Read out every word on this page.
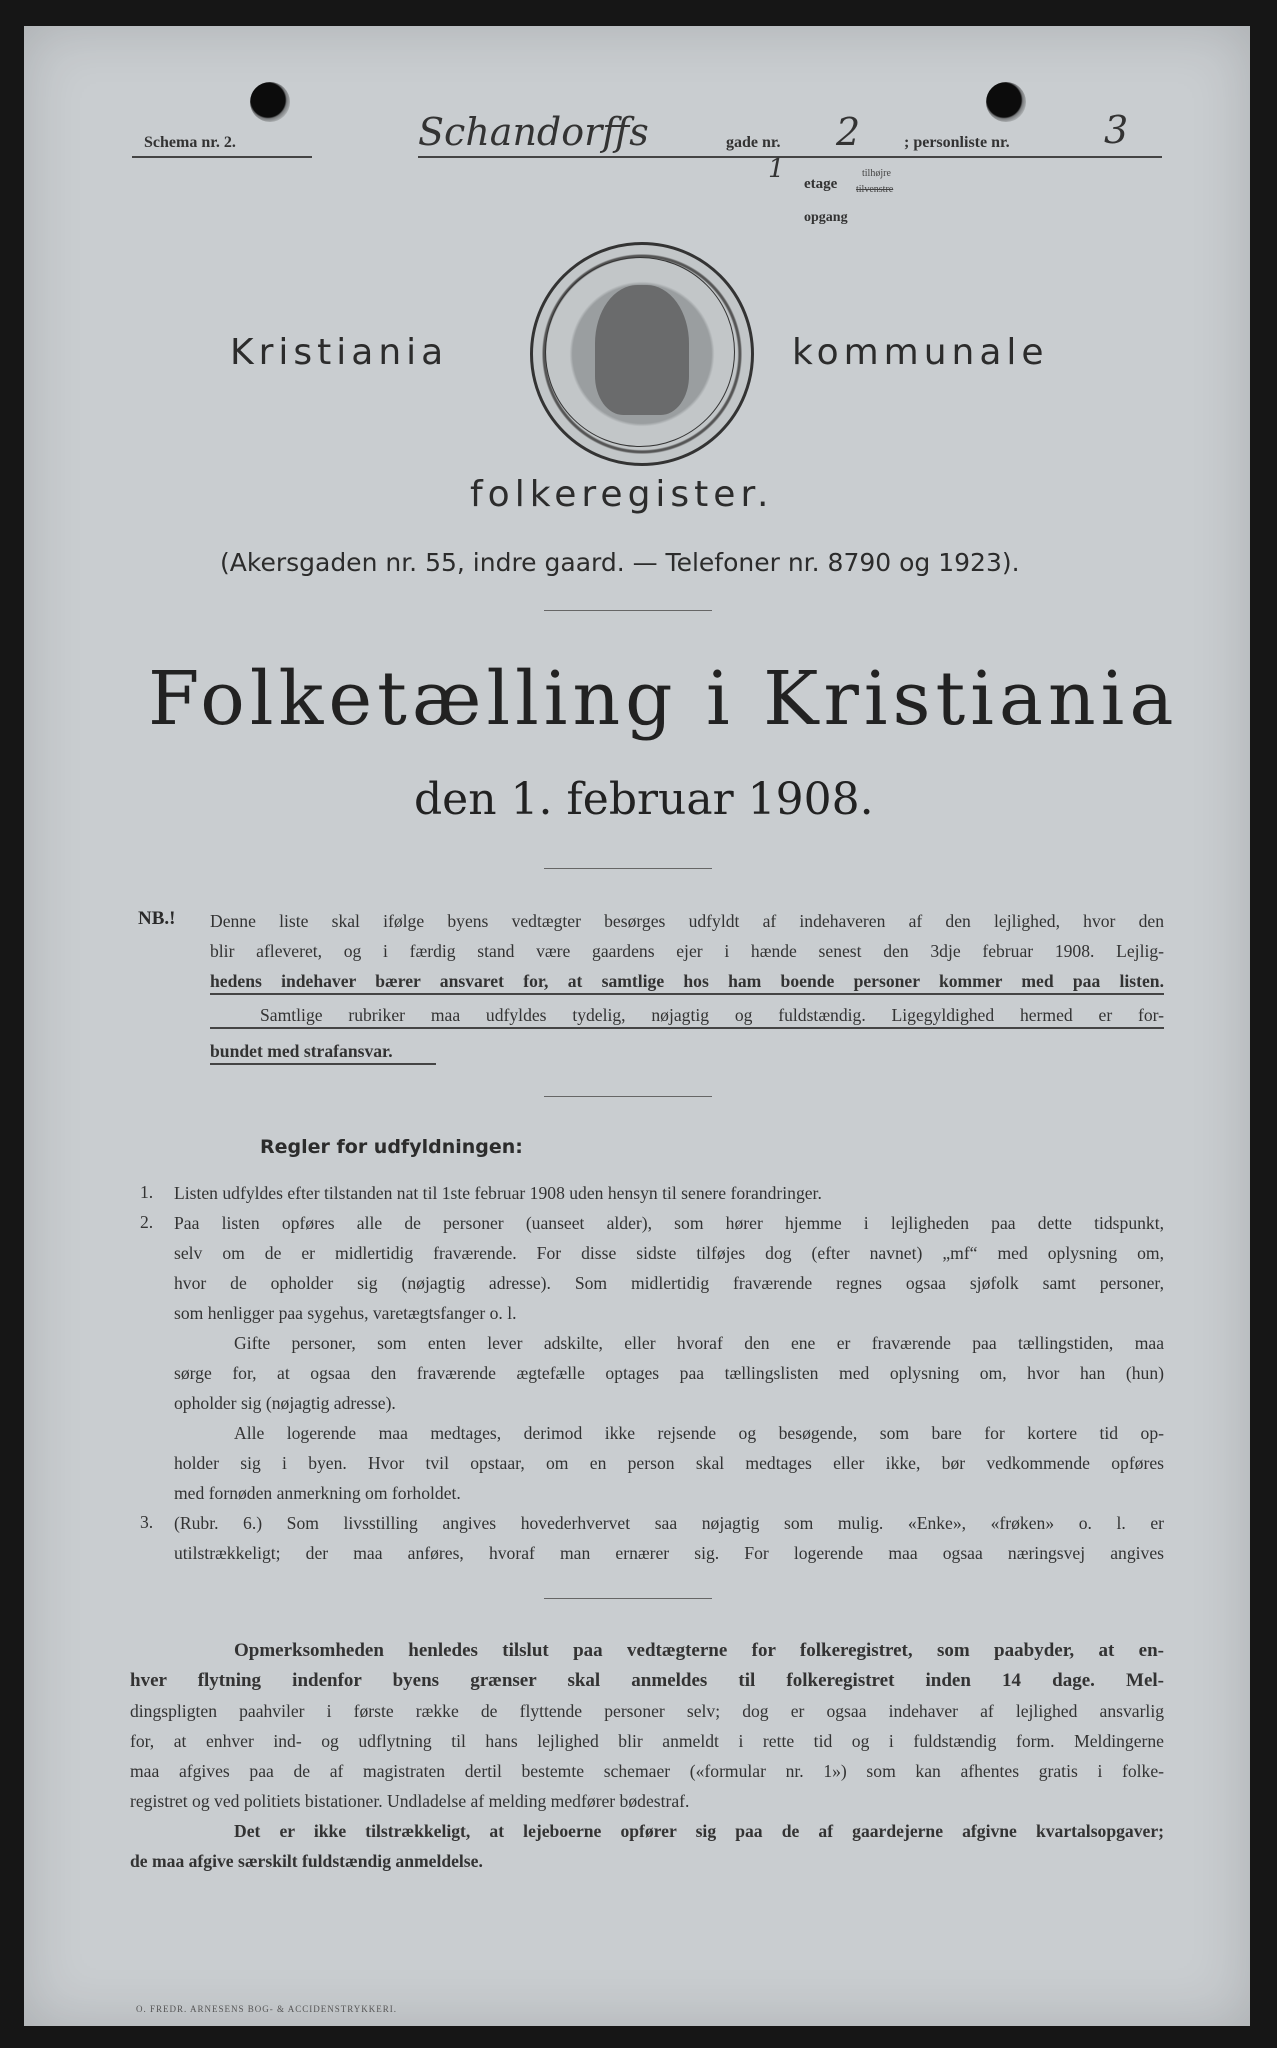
Schema nr. 2.	Schandorffs	gade nr. 2	; personliste nr. 3
1 etage
tilhøjre
tilvenstre
opgang
Kristiania	kommunale
folkeregister.
(Akersgaden nr. 55, indre gaard. — Telefoner nr. 8790 og 1923).
Folketælling i Kristiania
den 1. februar 1908.
NB.! Denne liste skal ifølge byens vedtægter besørges udfyldt af indehaveren af den lejlighed, hvor den
blir afleveret, og i færdig stand være gaardens ejer i hænde senest den 3dje februar 1908. Lejlig-
hedens indehaver bærer ansvaret for, at samtlige hos ham boende personer kommer med paa listen.
Samtlige rubriker maa udfyldes tydelig, nøjagtig og fuldstændig. Ligegyldighed hermed er for-
bundet med strafansvar.
Regler for udfyldningen:
1. Listen udfyldes efter tilstanden nat til 1ste februar 1908 uden hensyn til senere forandringer.
2. Paa listen opføres alle de personer (uanseet alder), som hører hjemme i lejligheden paa dette tidspunkt,
selv om de er midlertidig fraværende. For disse sidste tilføjes dog (efter navnet) „mf“ med oplysning om,
hvor de opholder sig (nøjagtig adresse). Som midlertidig fraværende regnes ogsaa sjøfolk samt personer,
som henligger paa sygehus, varetægtsfanger o. l.
Gifte personer, som enten lever adskilte, eller hvoraf den ene er fraværende paa tællingstiden, maa
sørge for, at ogsaa den fraværende ægtefælle optages paa tællingslisten med oplysning om, hvor han (hun)
opholder sig (nøjagtig adresse).
Alle logerende maa medtages, derimod ikke rejsende og besøgende, som bare for kortere tid op-
holder sig i byen. Hvor tvil opstaar, om en person skal medtages eller ikke, bør vedkommende opføres
med fornøden anmerkning om forholdet.
3. (Rubr. 6.) Som livsstilling angives hovederhvervet saa nøjagtig som mulig. «Enke», «frøken» o. l. er
utilstrækkeligt; der maa anføres, hvoraf man ernærer sig. For logerende maa ogsaa næringsvej angives
Opmerksomheden henledes tilslut paa vedtægterne for folkeregistret, som paabyder, at en-
hver flytning indenfor byens grænser skal anmeldes til folkeregistret inden 14 dage. Mel-
dingspligten paahviler i første række de flyttende personer selv; dog er ogsaa indehaver af lejlighed ansvarlig
for, at enhver ind- og udflytning til hans lejlighed blir anmeldt i rette tid og i fuldstændig form. Meldingerne
maa afgives paa de af magistraten dertil bestemte schemaer («formular nr. 1») som kan afhentes gratis i folke-
registret og ved politiets bistationer. Undladelse af melding medfører bødestraf.
Det er ikke tilstrækkeligt, at lejeboerne opfører sig paa de af gaardejerne afgivne kvartalsopgaver;
de maa afgive særskilt fuldstændig anmeldelse.
O. FREDR. ARNESENS BOG- & ACCIDENSTRYKKERI.
